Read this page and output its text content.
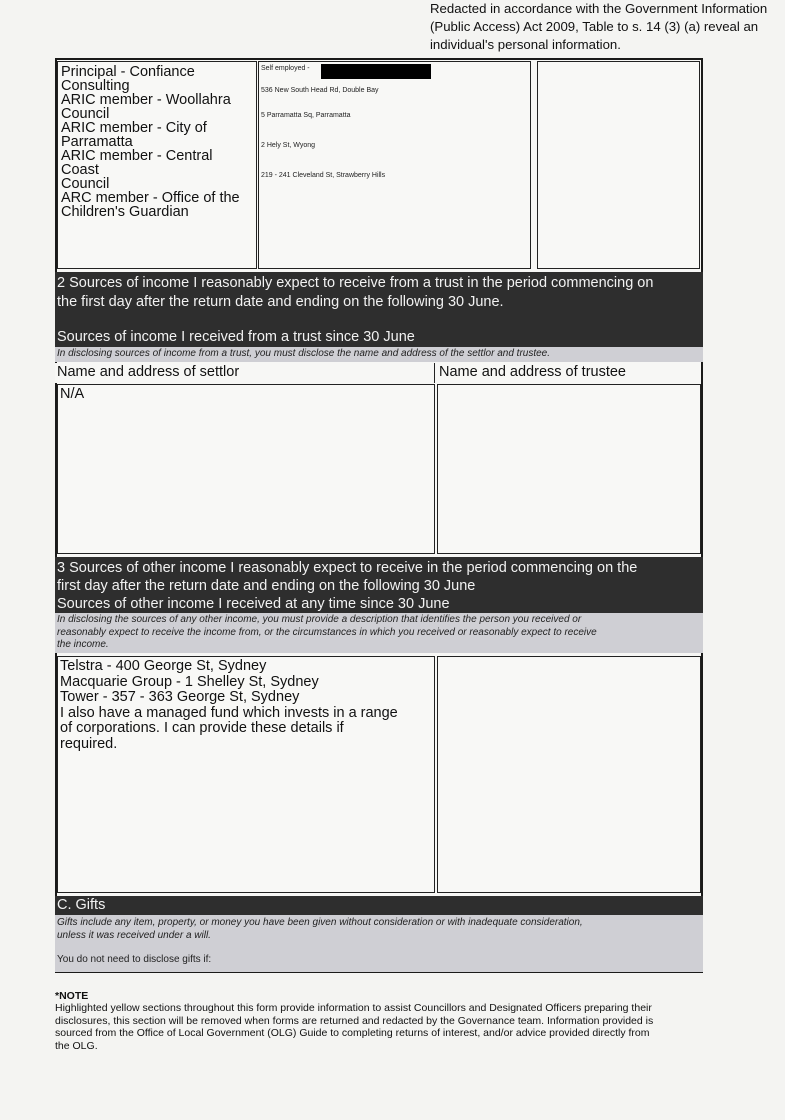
Redacted in accordance with the Government Information
(Public Access) Act 2009, Table to s. 14 (3) (a) reveal an
individual's personal information.
Principal - Confiance
Consulting
ARIC member - Woollahra
Council
ARIC member - City of
Parramatta
ARIC member - Central Coast
Council
ARC member - Office of the
Children's Guardian
Self employed -
536 New South Head Rd, Double Bay
5 Parramatta Sq, Parramatta
2 Hely St, Wyong
219 - 241 Cleveland St, Strawberry Hills
2 Sources of income I reasonably expect to receive from a trust in the period commencing on
the first day after the return date and ending on the following 30 June.
Sources of income I received from a trust since 30 June
In disclosing sources of income from a trust, you must disclose the name and address of the settlor and trustee.
Name and address of settlor	Name and address of trustee
N/A
3 Sources of other income I reasonably expect to receive in the period commencing on the
first day after the return date and ending on the following 30 June
Sources of other income I received at any time since 30 June
In disclosing the sources of any other income, you must provide a description that identifies the person you received or
reasonably expect to receive the income from, or the circumstances in which you received or reasonably expect to receive
the income.
Telstra - 400 George St, Sydney
Macquarie Group - 1 Shelley St, Sydney
Tower - 357 - 363 George St, Sydney
I also have a managed fund which invests in a range
of corporations. I can provide these details if
required.
C. Gifts
Gifts include any item, property, or money you have been given without consideration or with inadequate consideration,
unless it was received under a will.
You do not need to disclose gifts if:
*NOTE
Highlighted yellow sections throughout this form provide information to assist Councillors and Designated Officers preparing their
disclosures, this section will be removed when forms are returned and redacted by the Governance team. Information provided is
sourced from the Office of Local Government (OLG) Guide to completing returns of interest, and/or advice provided directly from
the OLG.
